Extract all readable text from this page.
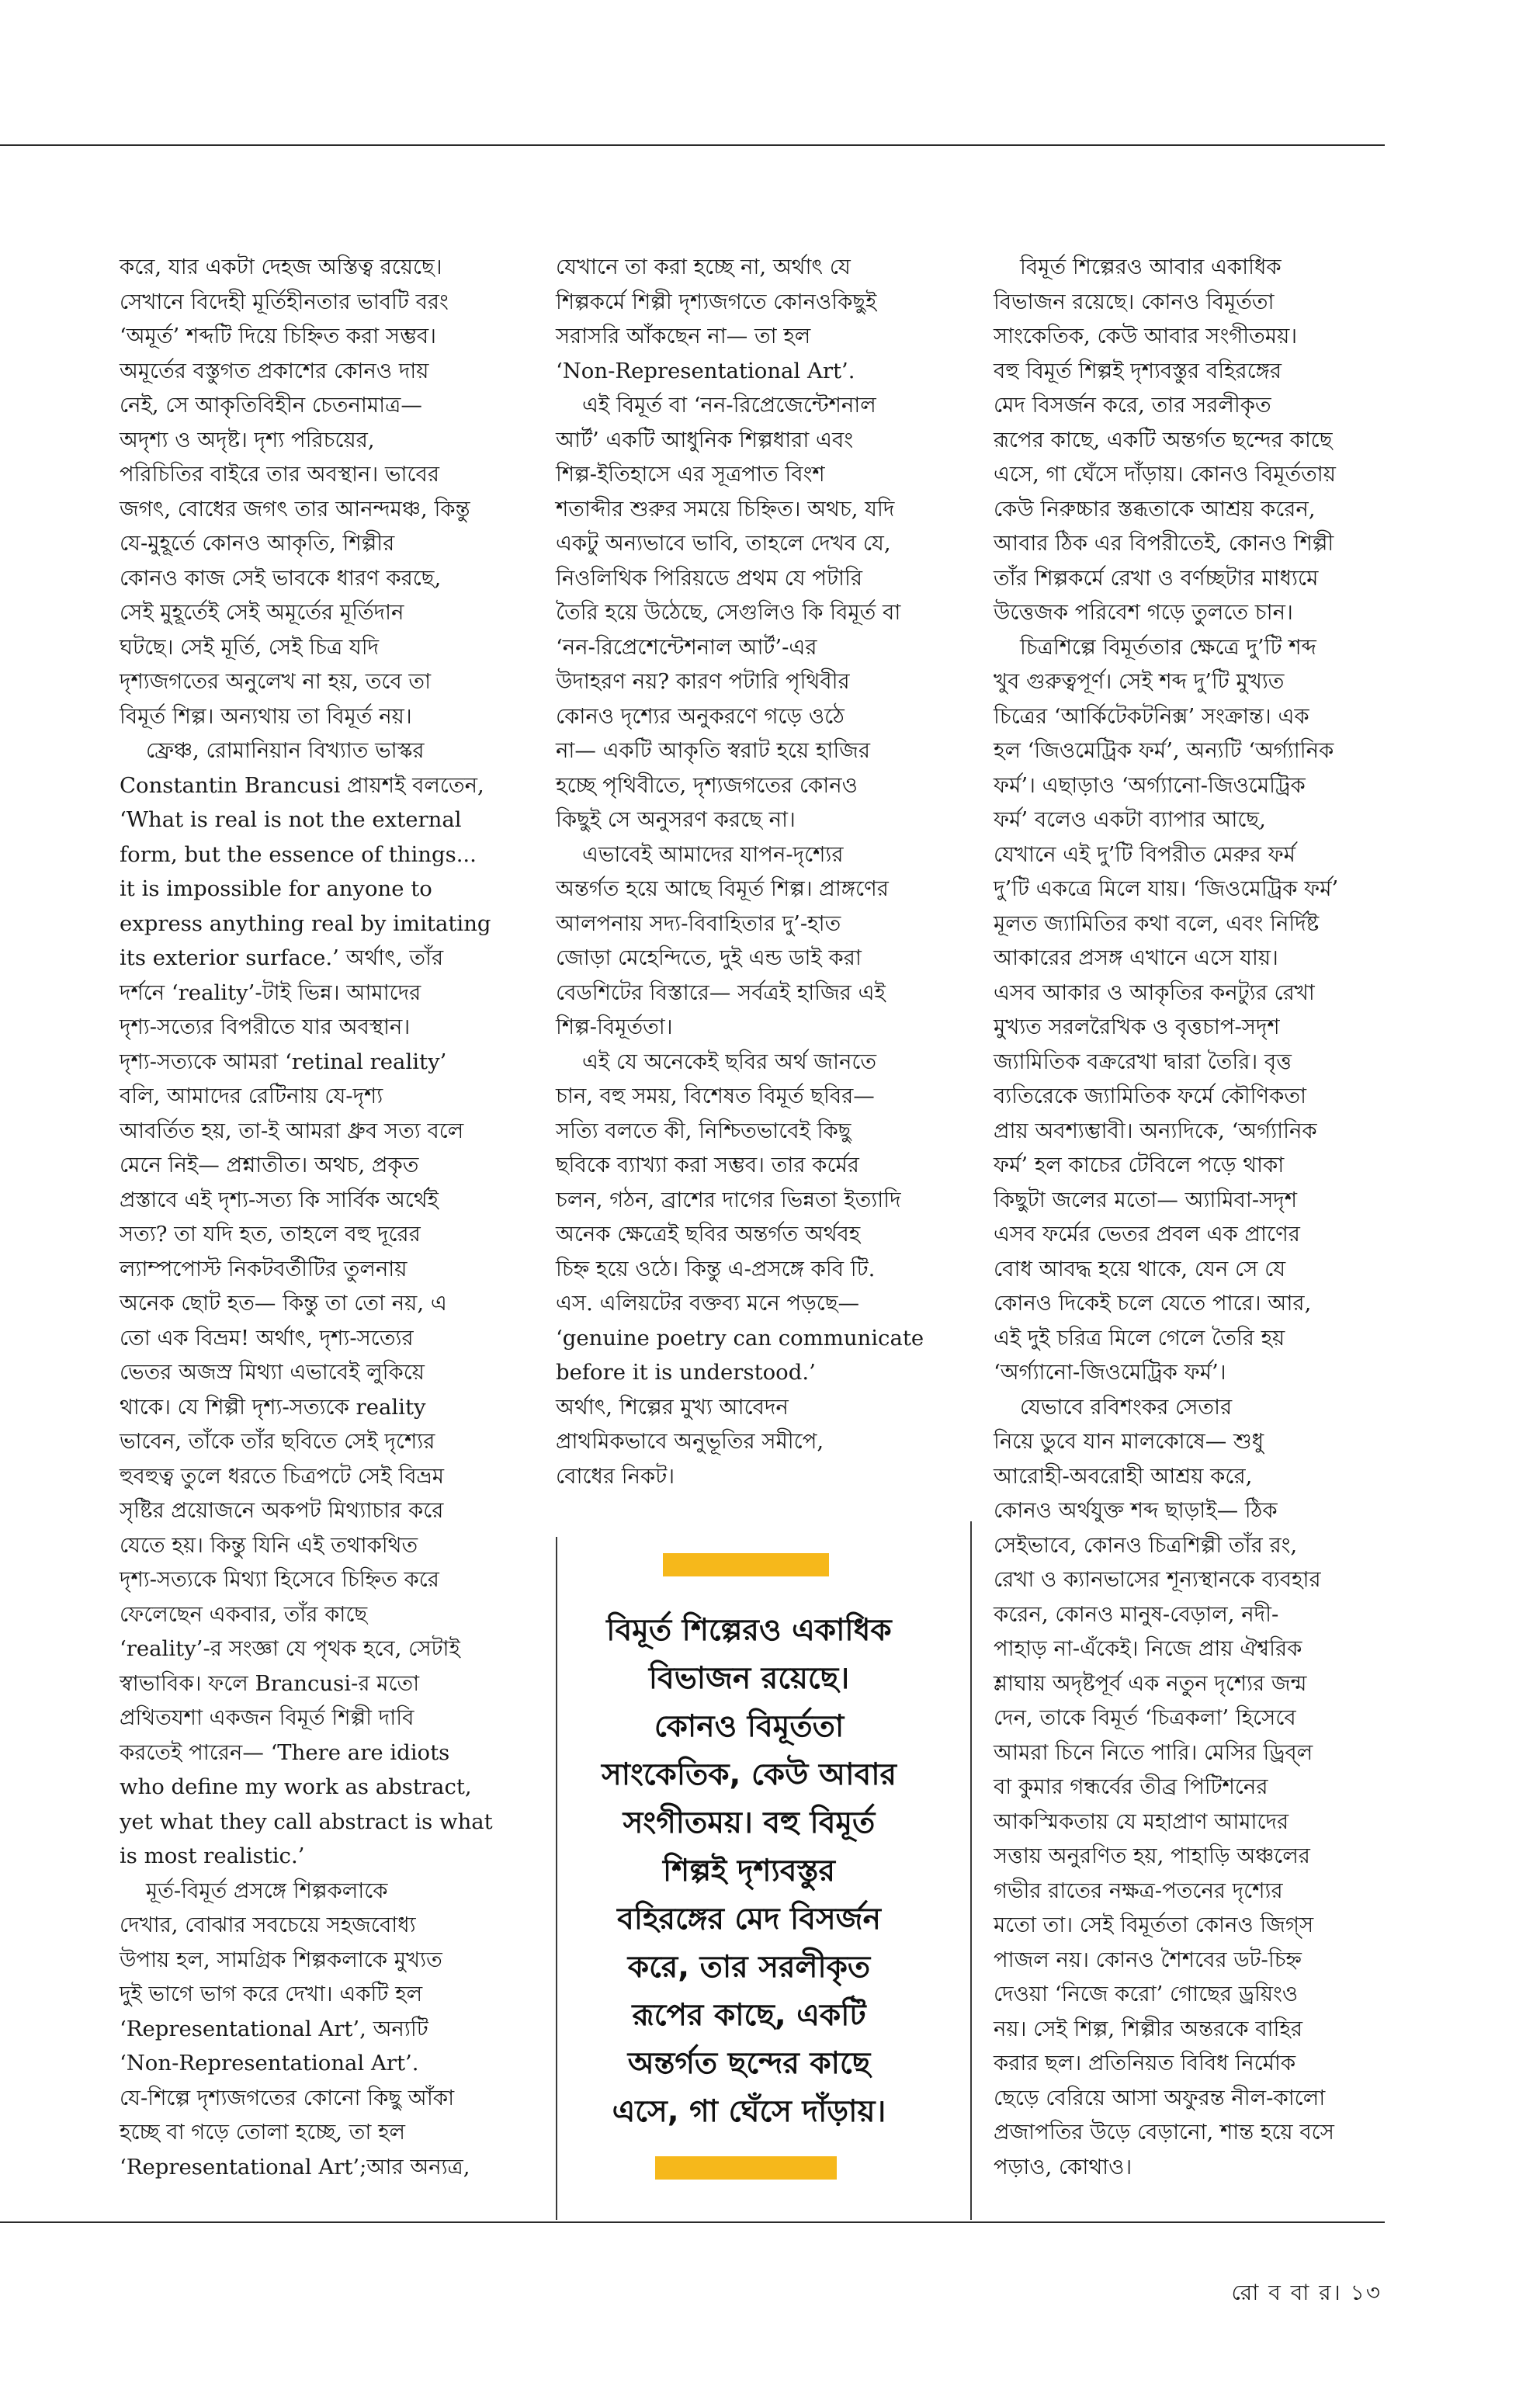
করে, যার একটা দেহজ অস্তিত্ব রয়েছে।
সেখানে বিদেহী মূর্তিহীনতার ভাবটি বরং
‘অমূর্ত’ শব্দটি দিয়ে চিহ্নিত করা সম্ভব।
অমূর্তের বস্তুগত প্রকাশের কোনও দায়
নেই, সে আকৃতিবিহীন চেতনামাত্র—
অদৃশ্য ও অদৃষ্ট। দৃশ্য পরিচয়ের,
পরিচিতির বাইরে তার অবস্থান। ভাবের
জগৎ, বোধের জগৎ তার আনন্দমঞ্চ, কিন্তু
যে-মুহূর্তে কোনও আকৃতি, শিল্পীর
কোনও কাজ সেই ভাবকে ধারণ করছে,
সেই মুহূর্তেই সেই অমূর্তের মূর্তিদান
ঘটছে। সেই মূর্তি, সেই চিত্র যদি
দৃশ্যজগতের অনুলেখ না হয়, তবে তা
বিমূর্ত শিল্প। অন্যথায় তা বিমূর্ত নয়।
ফ্রেঞ্চ, রোমানিয়ান বিখ্যাত ভাস্কর
Constantin Brancusi প্রায়শই বলতেন,
‘What is real is not the external
form, but the essence of things...
it is impossible for anyone to
express anything real by imitating
its exterior surface.’ অর্থাৎ, তাঁর
দর্শনে ‘reality’-টাই ভিন্ন। আমাদের
দৃশ্য-সত্যের বিপরীতে যার অবস্থান।
দৃশ্য-সত্যকে আমরা ‘retinal reality’
বলি, আমাদের রেটিনায় যে-দৃশ্য
আবর্তিত হয়, তা-ই আমরা ধ্রুব সত্য বলে
মেনে নিই— প্রশ্নাতীত। অথচ, প্রকৃত
প্রস্তাবে এই দৃশ্য-সত্য কি সার্বিক অর্থেই
সত্য? তা যদি হত, তাহলে বহু দূরের
ল্যাম্পপোস্ট নিকটবর্তীটির তুলনায়
অনেক ছোট হত— কিন্তু তা তো নয়, এ
তো এক বিভ্রম! অর্থাৎ, দৃশ্য-সত্যের
ভেতর অজস্র মিথ্যা এভাবেই লুকিয়ে
থাকে। যে শিল্পী দৃশ্য-সত্যকে reality
ভাবেন, তাঁকে তাঁর ছবিতে সেই দৃশ্যের
হুবহুত্ব তুলে ধরতে চিত্রপটে সেই বিভ্রম
সৃষ্টির প্রয়োজনে অকপট মিথ্যাচার করে
যেতে হয়। কিন্তু যিনি এই তথাকথিত
দৃশ্য-সত্যকে মিথ্যা হিসেবে চিহ্নিত করে
ফেলেছেন একবার, তাঁর কাছে
‘reality’-র সংজ্ঞা যে পৃথক হবে, সেটাই
স্বাভাবিক। ফলে Brancusi-র মতো
প্রথিতযশা একজন বিমূর্ত শিল্পী দাবি
করতেই পারেন— ‘There are idiots
who define my work as abstract,
yet what they call abstract is what
is most realistic.’
মূর্ত-বিমূর্ত প্রসঙ্গে শিল্পকলাকে
দেখার, বোঝার সবচেয়ে সহজবোধ্য
উপায় হল, সামগ্রিক শিল্পকলাকে মুখ্যত
দুই ভাগে ভাগ করে দেখা। একটি হল
‘Representational Art’, অন্যটি
‘Non-Representational Art’.
যে-শিল্পে দৃশ্যজগতের কোনো কিছু আঁকা
হচ্ছে বা গড়ে তোলা হচ্ছে, তা হল
‘Representational Art’;আর অন্যত্র,
যেখানে তা করা হচ্ছে না, অর্থাৎ যে
শিল্পকর্মে শিল্পী দৃশ্যজগতে কোনওকিছুই
সরাসরি আঁকছেন না— তা হল
‘Non-Representational Art’.
এই বিমূর্ত বা ‘নন-রিপ্রেজেন্টেশনাল
আর্ট’ একটি আধুনিক শিল্পধারা এবং
শিল্প-ইতিহাসে এর সূত্রপাত বিংশ
শতাব্দীর শুরুর সময়ে চিহ্নিত। অথচ, যদি
একটু অন্যভাবে ভাবি, তাহলে দেখব যে,
নিওলিথিক পিরিয়ডে প্রথম যে পটারি
তৈরি হয়ে উঠেছে, সেগুলিও কি বিমূর্ত বা
‘নন-রিপ্রেশেন্টেশনাল আর্ট’-এর
উদাহরণ নয়? কারণ পটারি পৃথিবীর
কোনও দৃশ্যের অনুকরণে গড়ে ওঠে
না— একটি আকৃতি স্বরাট হয়ে হাজির
হচ্ছে পৃথিবীতে, দৃশ্যজগতের কোনও
কিছুই সে অনুসরণ করছে না।
এভাবেই আমাদের যাপন-দৃশ্যের
অন্তর্গত হয়ে আছে বিমূর্ত শিল্প। প্রাঙ্গণের
আলপনায় সদ্য-বিবাহিতার দু’-হাত
জোড়া মেহেন্দিতে, দুই এন্ড ডাই করা
বেডশিটের বিস্তারে— সর্বত্রই হাজির এই
শিল্প-বিমূর্ততা।
এই যে অনেকেই ছবির অর্থ জানতে
চান, বহু সময়, বিশেষত বিমূর্ত ছবির—
সত্যি বলতে কী, নিশ্চিতভাবেই কিছু
ছবিকে ব্যাখ্যা করা সম্ভব। তার কর্মের
চলন, গঠন, ব্রাশের দাগের ভিন্নতা ইত্যাদি
অনেক ক্ষেত্রেই ছবির অন্তর্গত অর্থবহ
চিহ্ন হয়ে ওঠে। কিন্তু এ-প্রসঙ্গে কবি টি.
এস. এলিয়টের বক্তব্য মনে পড়ছে—
‘genuine poetry can communicate
before it is understood.’
অর্থাৎ, শিল্পের মুখ্য আবেদন
প্রাথমিকভাবে অনুভূতির সমীপে,
বোধের নিকট।
বিমূর্ত শিল্পেরও আবার একাধিক
বিভাজন রয়েছে। কোনও বিমূর্ততা
সাংকেতিক, কেউ আবার সংগীতময়।
বহু বিমূর্ত শিল্পই দৃশ্যবস্তুর বহিরঙ্গের
মেদ বিসর্জন করে, তার সরলীকৃত
রূপের কাছে, একটি অন্তর্গত ছন্দের কাছে
এসে, গা ঘেঁসে দাঁড়ায়। কোনও বিমূর্ততায়
কেউ নিরুচ্চার স্তব্ধতাকে আশ্রয় করেন,
আবার ঠিক এর বিপরীতেই, কোনও শিল্পী
তাঁর শিল্পকর্মে রেখা ও বর্ণচ্ছটার মাধ্যমে
উত্তেজক পরিবেশ গড়ে তুলতে চান।
চিত্রশিল্পে বিমূর্ততার ক্ষেত্রে দু’টি শব্দ
খুব গুরুত্বপূর্ণ। সেই শব্দ দু’টি মুখ্যত
চিত্রের ‘আর্কিটেকটনিক্স’ সংক্রান্ত। এক
হল ‘জিওমেট্রিক ফর্ম’, অন্যটি ‘অর্গ্যানিক
ফর্ম’। এছাড়াও ‘অর্গ্যানো-জিওমেট্রিক
ফর্ম’ বলেও একটা ব্যাপার আছে,
যেখানে এই দু’টি বিপরীত মেরুর ফর্ম
দু’টি একত্রে মিলে যায়। ‘জিওমেট্রিক ফর্ম’
মূলত জ্যামিতির কথা বলে, এবং নির্দিষ্ট
আকারের প্রসঙ্গ এখানে এসে যায়।
এসব আকার ও আকৃতির কনট্যুর রেখা
মুখ্যত সরলরৈখিক ও বৃত্তচাপ-সদৃশ
জ্যামিতিক বক্ররেখা দ্বারা তৈরি। বৃত্ত
ব্যতিরেকে জ্যামিতিক ফর্মে কৌণিকতা
প্রায় অবশ্যম্ভাবী। অন্যদিকে, ‘অর্গ্যানিক
ফর্ম’ হল কাচের টেবিলে পড়ে থাকা
কিছুটা জলের মতো— অ্যামিবা-সদৃশ
এসব ফর্মের ভেতর প্রবল এক প্রাণের
বোধ আবদ্ধ হয়ে থাকে, যেন সে যে
কোনও দিকেই চলে যেতে পারে। আর,
এই দুই চরিত্র মিলে গেলে তৈরি হয়
‘অর্গ্যানো-জিওমেট্রিক ফর্ম’।
যেভাবে রবিশংকর সেতার
নিয়ে ডুবে যান মালকোষে— শুধু
আরোহী-অবরোহী আশ্রয় করে,
কোনও অর্থযুক্ত শব্দ ছাড়াই— ঠিক
সেইভাবে, কোনও চিত্রশিল্পী তাঁর রং,
রেখা ও ক্যানভাসের শূন্যস্থানকে ব্যবহার
করেন, কোনও মানুষ-বেড়াল, নদী-
পাহাড় না-এঁকেই। নিজে প্রায় ঐশ্বরিক
শ্লাঘায় অদৃষ্টপূর্ব এক নতুন দৃশ্যের জন্ম
দেন, তাকে বিমূর্ত ‘চিত্রকলা’ হিসেবে
আমরা চিনে নিতে পারি। মেসির ড্রিব্‌ল
বা কুমার গন্ধর্বের তীব্র পিটিশনের
আকস্মিকতায় যে মহাপ্রাণ আমাদের
সত্তায় অনুরণিত হয়, পাহাড়ি অঞ্চলের
গভীর রাতের নক্ষত্র-পতনের দৃশ্যের
মতো তা। সেই বিমূর্ততা কোনও জিগ্‌স
পাজল নয়। কোনও শৈশবের ডট-চিহ্ন
দেওয়া ‘নিজে করো’ গোছের ড্রয়িংও
নয়। সেই শিল্প, শিল্পীর অন্তরকে বাহির
করার ছল। প্রতিনিয়ত বিবিধ নির্মোক
ছেড়ে বেরিয়ে আসা অফুরন্ত নীল-কালো
প্রজাপতির উড়ে বেড়ানো, শান্ত হয়ে বসে
পড়াও, কোথাও।
বিমূর্ত শিল্পেরও একাধিক
বিভাজন রয়েছে।
কোনও বিমূর্ততা
সাংকেতিক, কেউ আবার
সংগীতময়। বহু বিমূর্ত
শিল্পই দৃশ্যবস্তুর
বহিরঙ্গের মেদ বিসর্জন
করে, তার সরলীকৃত
রূপের কাছে, একটি
অন্তর্গত ছন্দের কাছে
এসে, গা ঘেঁসে দাঁড়ায়।
রো ব বা র। ১৩
